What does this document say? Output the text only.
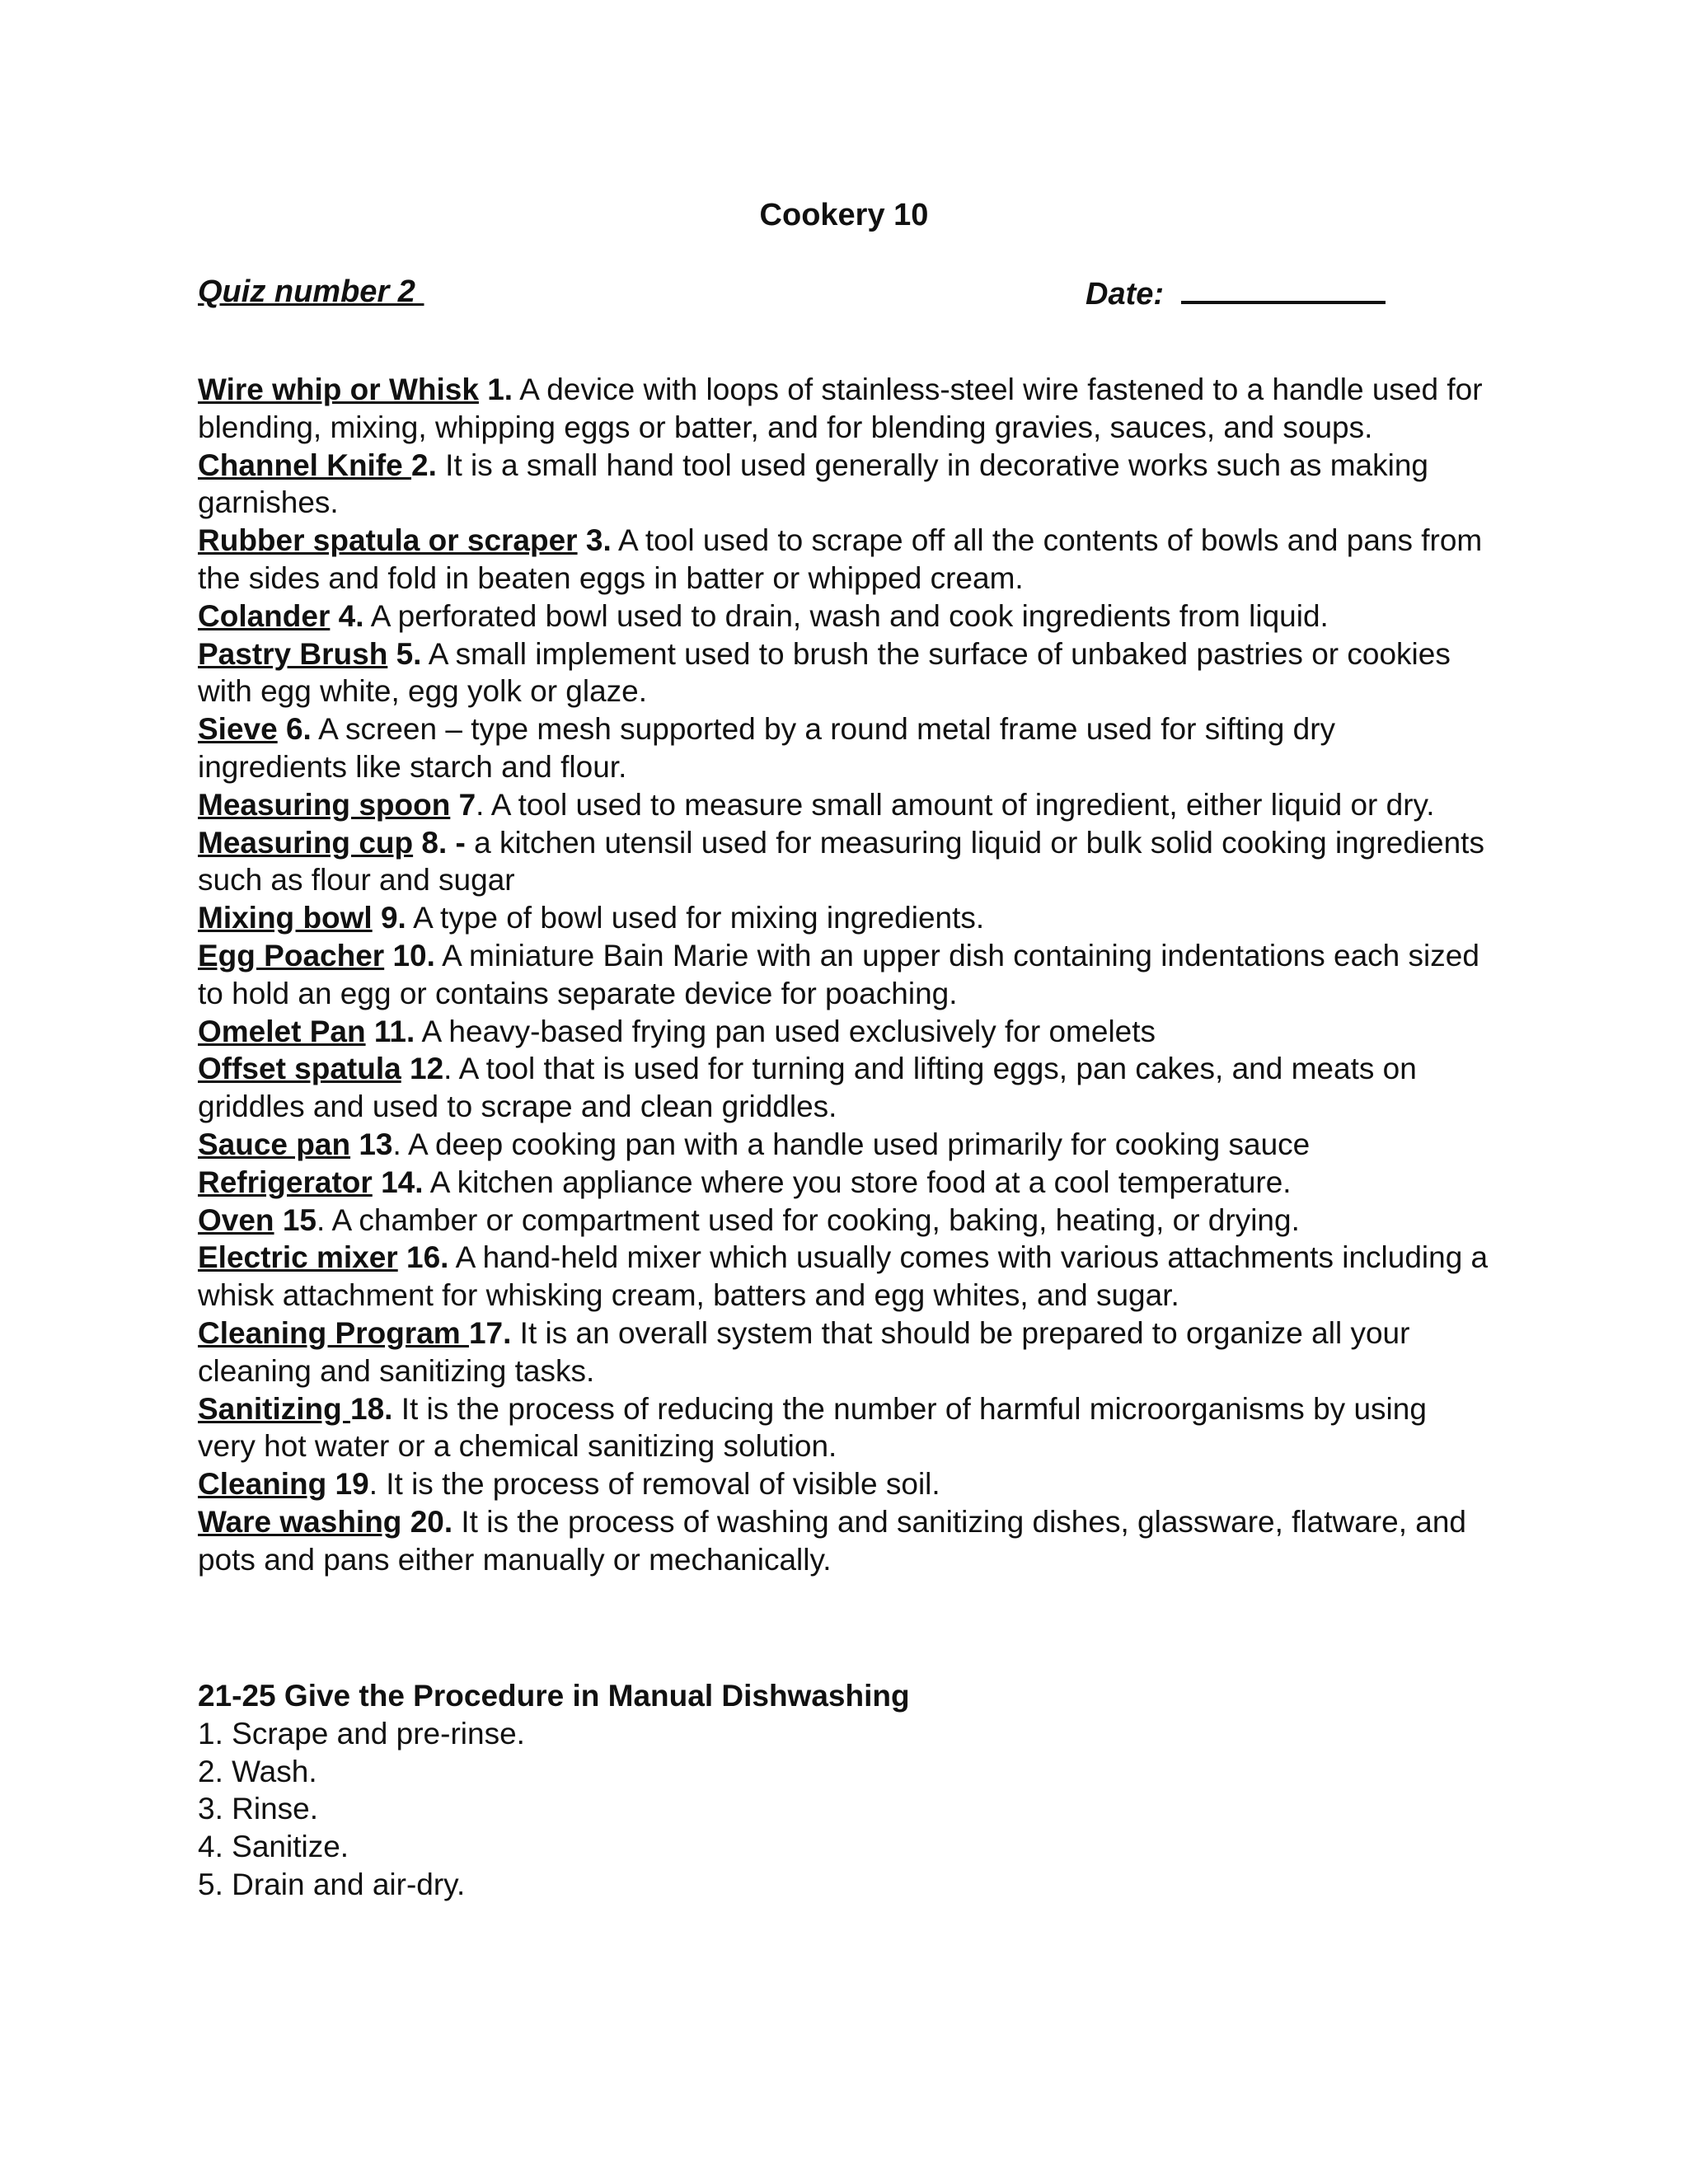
Cookery 10
Quiz number 2	Date:

Wire whip or Whisk 1. A device with loops of stainless-steel wire fastened to a handle used for blending, mixing, whipping eggs or batter, and for blending gravies, sauces, and soups.

Channel Knife 2. It is a small hand tool used generally in decorative works such as making garnishes.

Rubber spatula or scraper 3. A tool used to scrape off all the contents of bowls and pans from the sides and fold in beaten eggs in batter or whipped cream.

Colander 4. A perforated bowl used to drain, wash and cook ingredients from liquid.

Pastry Brush 5. A small implement used to brush the surface of unbaked pastries or cookies with egg white, egg yolk or glaze.

Sieve 6. A screen – type mesh supported by a round metal frame used for sifting dry ingredients like starch and flour.

Measuring spoon 7. A tool used to measure small amount of ingredient, either liquid or dry.

Measuring cup 8. - a kitchen utensil used for measuring liquid or bulk solid cooking ingredients such as flour and sugar

Mixing bowl 9. A type of bowl used for mixing ingredients.

Egg Poacher 10. A miniature Bain Marie with an upper dish containing indentations each sized to hold an egg or contains separate device for poaching.

Omelet Pan 11. A heavy-based frying pan used exclusively for omelets

Offset spatula 12. A tool that is used for turning and lifting eggs, pan cakes, and meats on griddles and used to scrape and clean griddles.

Sauce pan 13. A deep cooking pan with a handle used primarily for cooking sauce

Refrigerator 14. A kitchen appliance where you store food at a cool temperature.

Oven 15. A chamber or compartment used for cooking, baking, heating, or drying.

Electric mixer 16. A hand-held mixer which usually comes with various attachments including a whisk attachment for whisking cream, batters and egg whites, and sugar.

Cleaning Program 17. It is an overall system that should be prepared to organize all your cleaning and sanitizing tasks.

Sanitizing 18. It is the process of reducing the number of harmful microorganisms by using very hot water or a chemical sanitizing solution.

Cleaning 19. It is the process of removal of visible soil.

Ware washing 20. It is the process of washing and sanitizing dishes, glassware, flatware, and pots and pans either manually or mechanically.

21-25 Give the Procedure in Manual Dishwashing

1. Scrape and pre-rinse.

2. Wash.

3. Rinse.

4. Sanitize.

5. Drain and air-dry.
